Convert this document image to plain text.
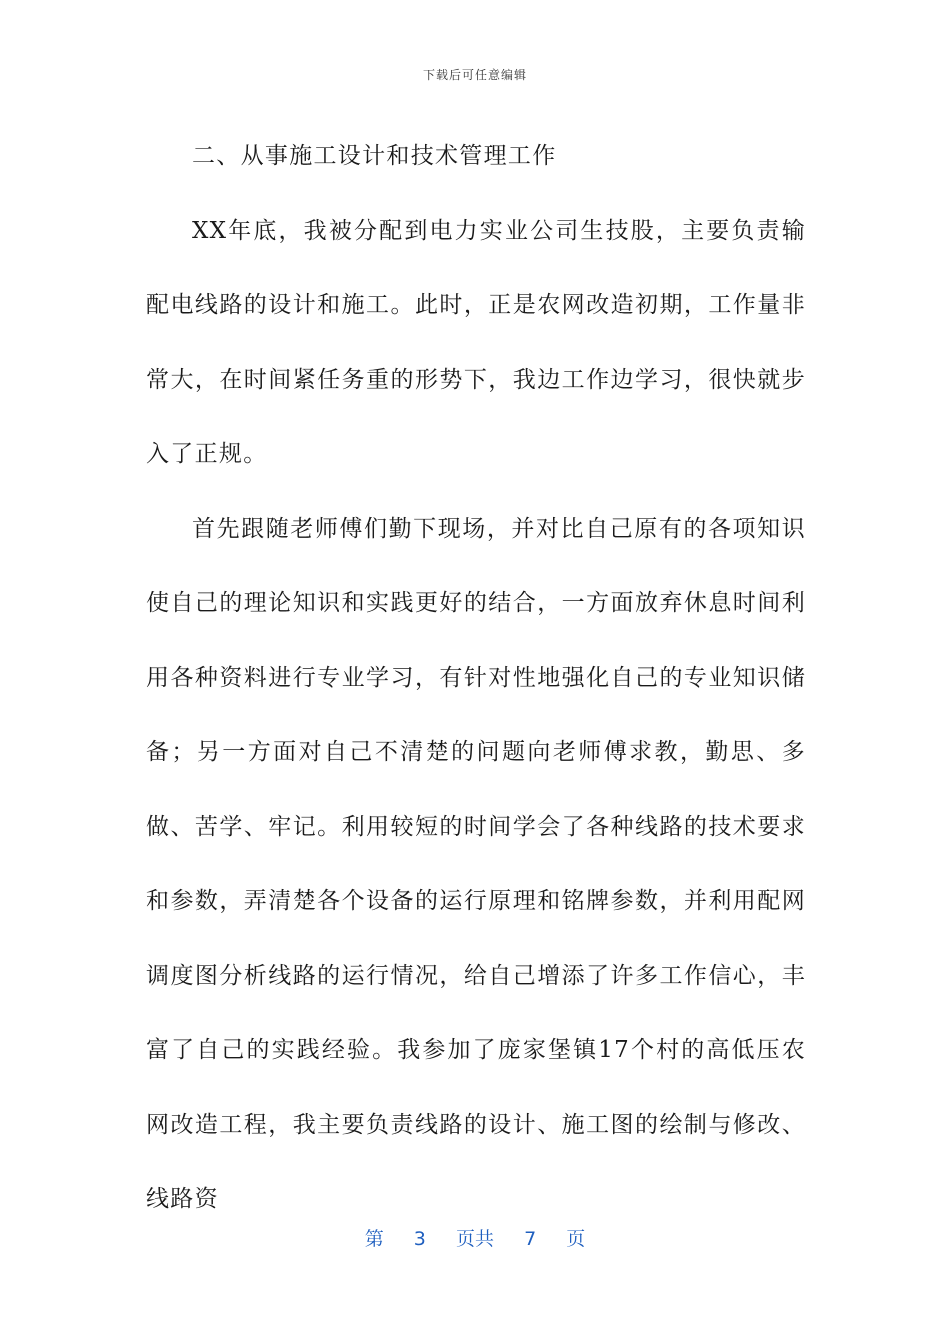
下载后可任意编辑

二、从事施工设计和技术管理工作

XX年底，我被分配到电力实业公司生技股，主要负责输配电线路的设计和施工。此时，正是农网改造初期，工作量非常大，在时间紧任务重的形势下，我边工作边学习，很快就步入了正规。

首先跟随老师傅们勤下现场，并对比自己原有的各项知识使自己的理论知识和实践更好的结合，一方面放弃休息时间利用各种资料进行专业学习，有针对性地强化自己的专业知识储备；另一方面对自己不清楚的问题向老师傅求教，勤思、多做、苦学、牢记。利用较短的时间学会了各种线路的技术要求和参数，弄清楚各个设备的运行原理和铭牌参数，并利用配网调度图分析线路的运行情况，给自己增添了许多工作信心，丰富了自己的实践经验。我参加了庞家堡镇17个村的高低压农网改造工程，我主要负责线路的设计、施工图的绘制与修改、线路资

第 3 页共 7 页
